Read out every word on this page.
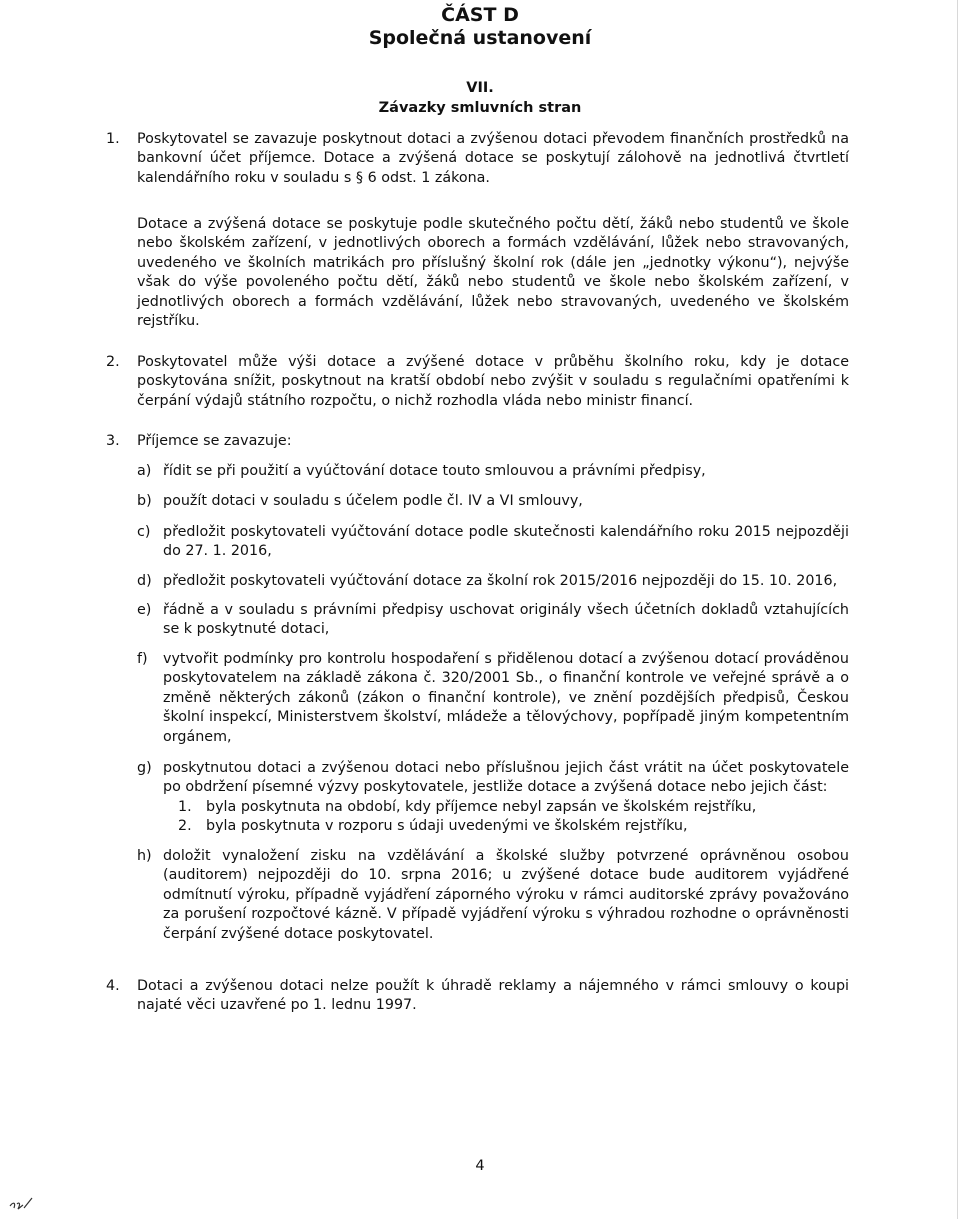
ČÁST D
Společná ustanovení
VII.
Závazky smluvních stran
1. Poskytovatel se zavazuje poskytnout dotaci a zvýšenou dotaci převodem finančních prostředků na bankovní účet příjemce. Dotace a zvýšená dotace se poskytují zálohově na jednotlivá čtvrtletí kalendářního roku v souladu s § 6 odst. 1 zákona.

Dotace a zvýšená dotace se poskytuje podle skutečného počtu dětí, žáků nebo studentů ve škole nebo školském zařízení, v jednotlivých oborech a formách vzdělávání, lůžek nebo stravovaných, uvedeného ve školních matrikách pro příslušný školní rok (dále jen „jednotky výkonu“), nejvýše však do výše povoleného počtu dětí, žáků nebo studentů ve škole nebo školském zařízení, v jednotlivých oborech a formách vzdělávání, lůžek nebo stravovaných, uvedeného ve školském rejstříku.

2. Poskytovatel může výši dotace a zvýšené dotace v průběhu školního roku, kdy je dotace poskytována snížit, poskytnout na kratší období nebo zvýšit v souladu s regulačními opatřeními k čerpání výdajů státního rozpočtu, o nichž rozhodla vláda nebo ministr financí.

3. Příjemce se zavazuje:

a) řídit se při použití a vyúčtování dotace touto smlouvou a právními předpisy,

b) použít dotaci v souladu s účelem podle čl. IV a VI smlouvy,

c) předložit poskytovateli vyúčtování dotace podle skutečnosti kalendářního roku 2015 nejpozději do 27. 1. 2016,

d) předložit poskytovateli vyúčtování dotace za školní rok 2015/2016 nejpozději do 15. 10. 2016,

e) řádně a v souladu s právními předpisy uschovat originály všech účetních dokladů vztahujících se k poskytnuté dotaci,

f) vytvořit podmínky pro kontrolu hospodaření s přidělenou dotací a zvýšenou dotací prováděnou poskytovatelem na základě zákona č. 320/2001 Sb., o finanční kontrole ve veřejné správě a o změně některých zákonů (zákon o finanční kontrole), ve znění pozdějších předpisů, Českou školní inspekcí, Ministerstvem školství, mládeže a tělovýchovy, popřípadě jiným kompetentním orgánem,

g) poskytnutou dotaci a zvýšenou dotaci nebo příslušnou jejich část vrátit na účet poskytovatele po obdržení písemné výzvy poskytovatele, jestliže dotace a zvýšená dotace nebo jejich část:

1. byla poskytnuta na období, kdy příjemce nebyl zapsán ve školském rejstříku,

2. byla poskytnuta v rozporu s údaji uvedenými ve školském rejstříku,

h) doložit vynaložení zisku na vzdělávání a školské služby potvrzené oprávněnou osobou (auditorem) nejpozději do 10. srpna 2016; u zvýšené dotace bude auditorem vyjádřené odmítnutí výroku, případně vyjádření záporného výroku v rámci auditorské zprávy považováno za porušení rozpočtové kázně. V případě vyjádření výroku s výhradou rozhodne o oprávněnosti čerpání zvýšené dotace poskytovatel.

4. Dotaci a zvýšenou dotaci nelze použít k úhradě reklamy a nájemného v rámci smlouvy o koupi najaté věci uzavřené po 1. lednu 1997.

4
